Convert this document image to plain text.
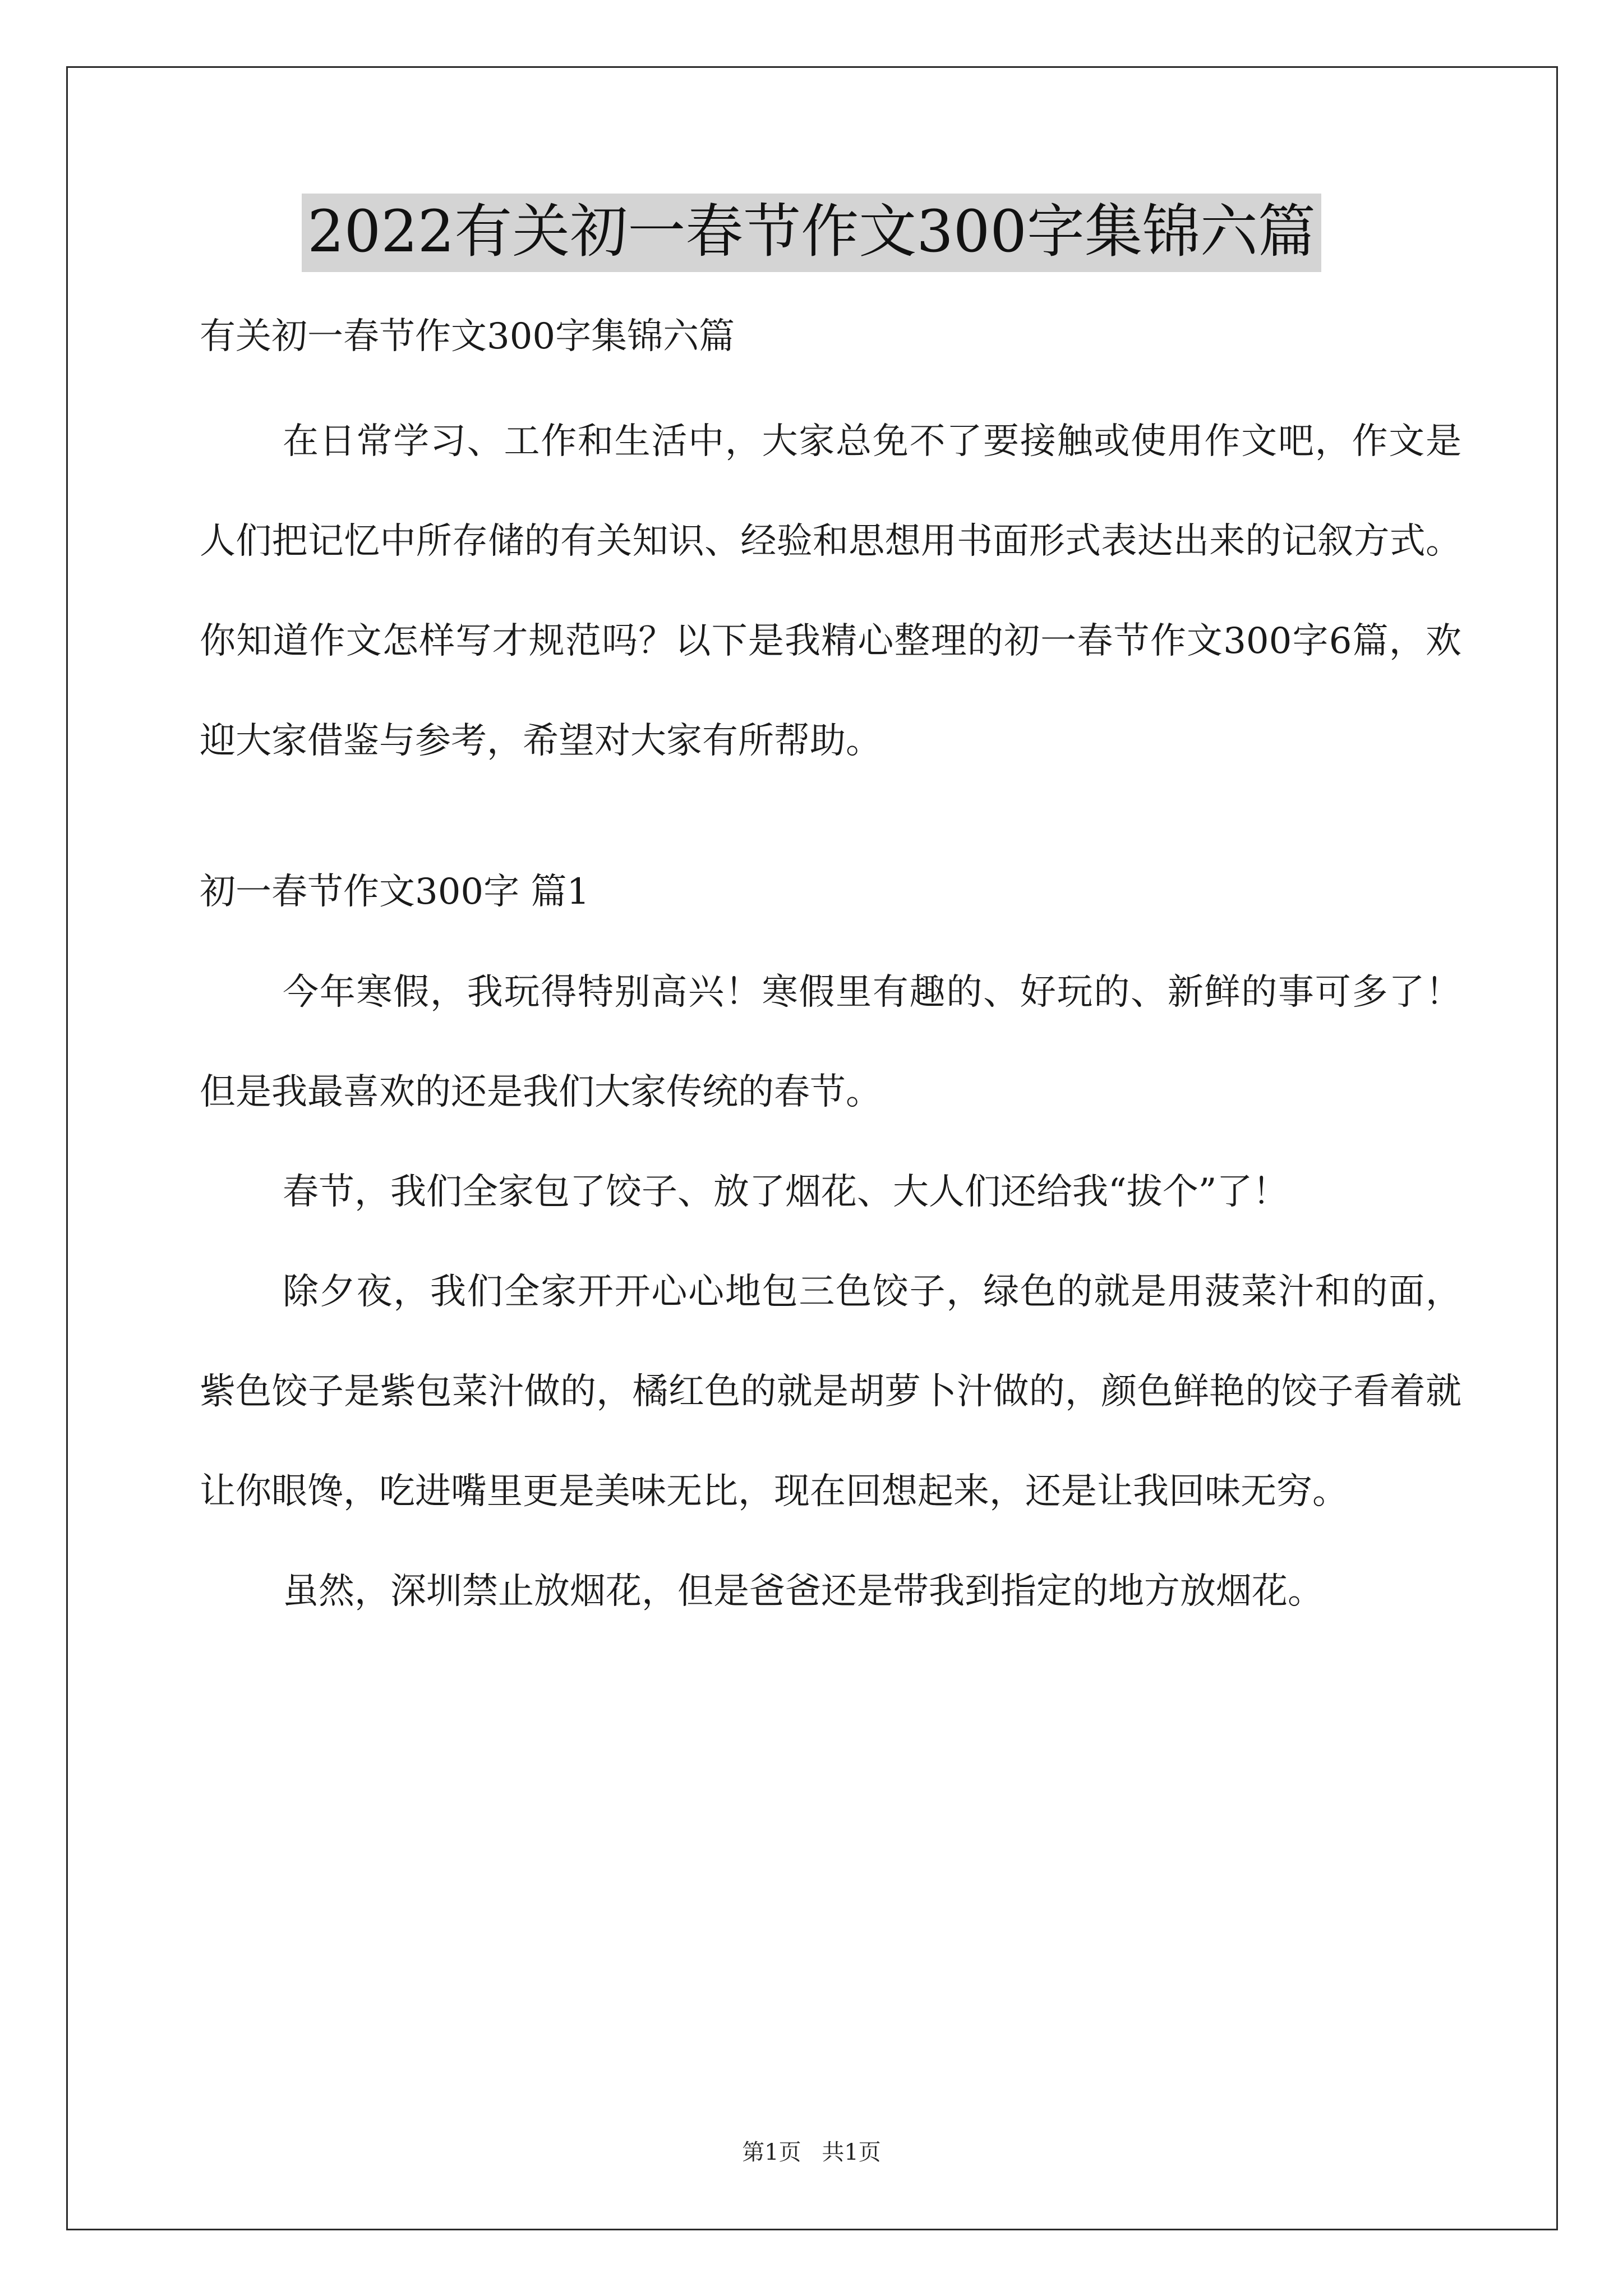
2022有关初一春节作文300字集锦六篇

有关初一春节作文300字集锦六篇

在日常学习、工作和生活中，大家总免不了要接触或使用作文吧，作文是人们把记忆中所存储的有关知识、经验和思想用书面形式表达出来的记叙方式。你知道作文怎样写才规范吗？以下是我精心整理的初一春节作文300字6篇，欢迎大家借鉴与参考，希望对大家有所帮助。

初一春节作文300字 篇1

今年寒假，我玩得特别高兴！寒假里有趣的、好玩的、新鲜的事可多了！但是我最喜欢的还是我们大家传统的春节。

春节，我们全家包了饺子、放了烟花、大人们还给我“拔个”了！

除夕夜，我们全家开开心心地包三色饺子，绿色的就是用菠菜汁和的面，紫色饺子是紫包菜汁做的，橘红色的就是胡萝卜汁做的，颜色鲜艳的饺子看着就让你眼馋，吃进嘴里更是美味无比，现在回想起来，还是让我回味无穷。

虽然，深圳禁止放烟花，但是爸爸还是带我到指定的地方放烟花。

第1页 共1页
